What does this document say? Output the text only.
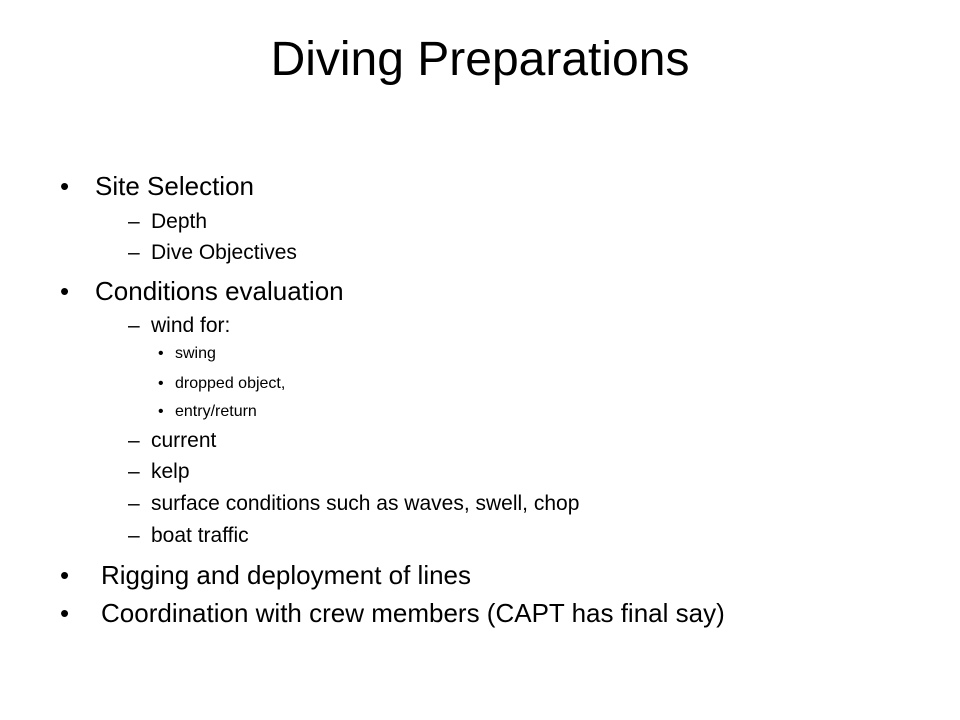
Diving Preparations
• Site Selection
– Depth
– Dive Objectives
• Conditions evaluation
– wind for:
• swing
• dropped object,
• entry/return
– current
– kelp
– surface conditions such as waves, swell, chop
– boat traffic
• Rigging and deployment of lines
• Coordination with crew members (CAPT has final say)
